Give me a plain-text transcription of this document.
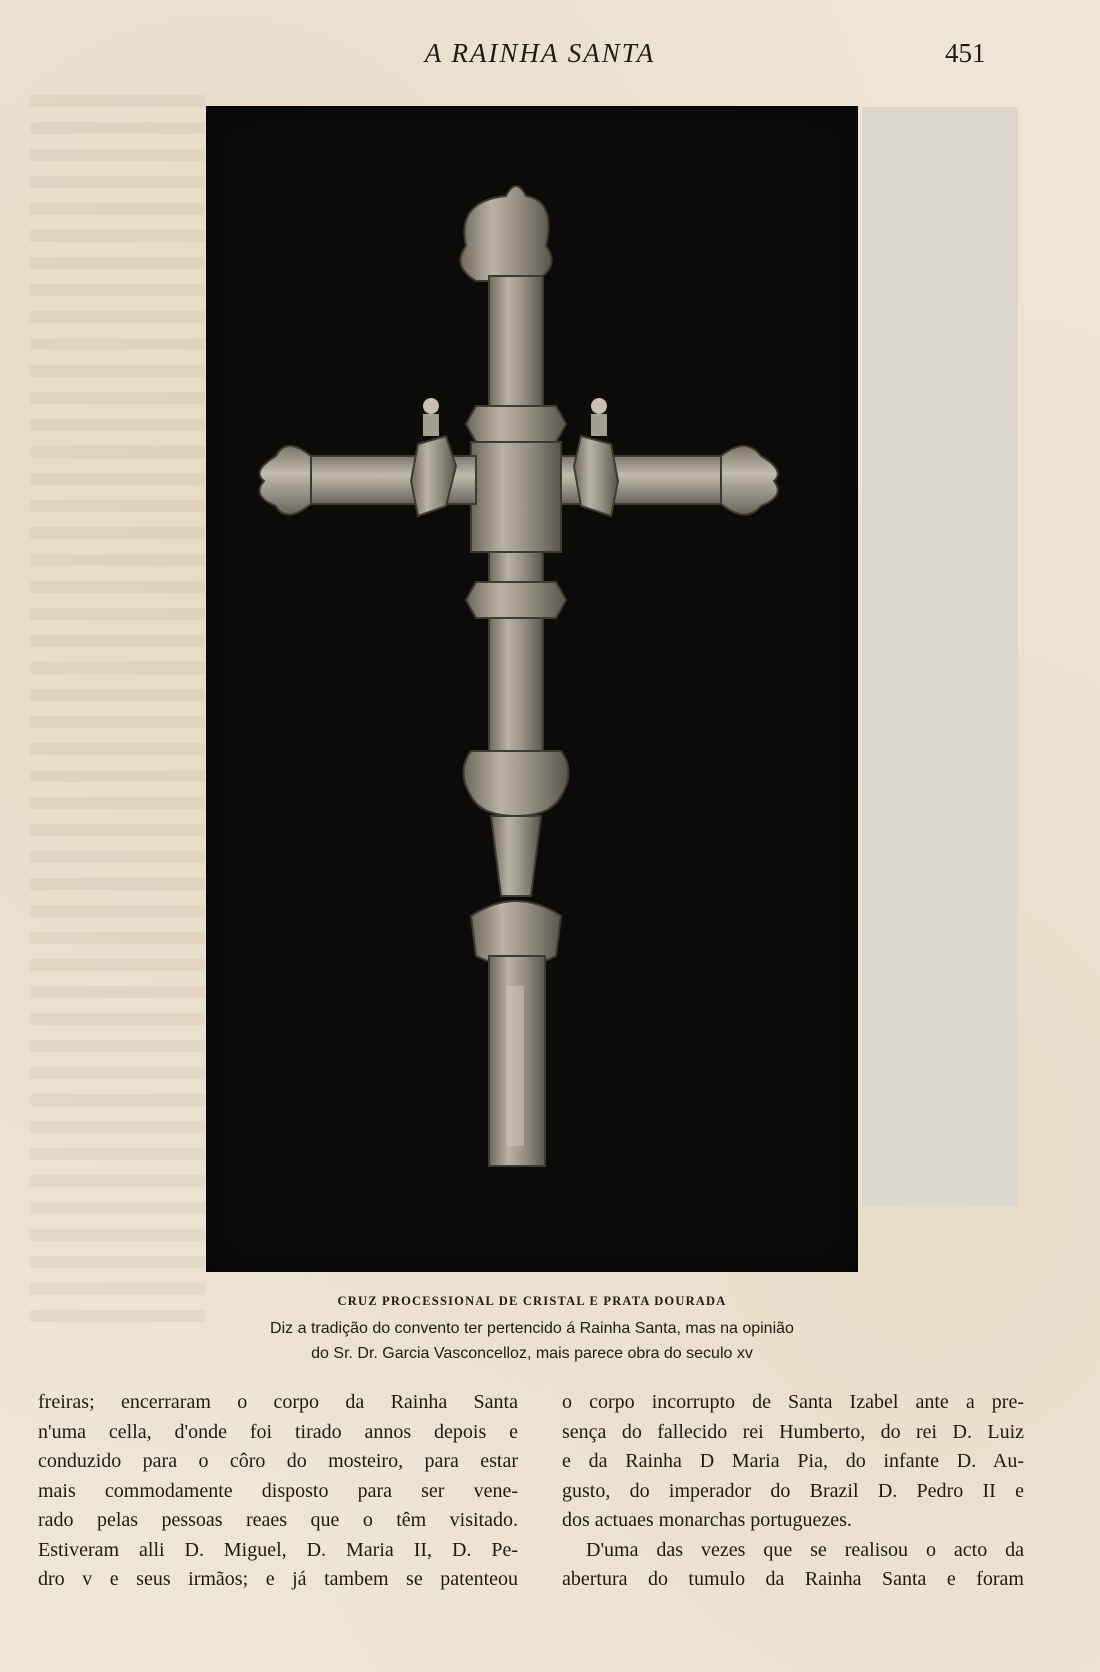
A RAINHA SANTA	451
CRUZ PROCESSIONAL DE CRISTAL E PRATA DOURADA
Diz a tradição do convento ter pertencido á Rainha Santa, mas na opinião
do Sr. Dr. Garcia Vasconcelloz, mais parece obra do seculo xv
freiras; encerraram o corpo da Rainha Santa
n'uma cella, d'onde foi tirado annos depois e
conduzido para o côro do mosteiro, para estar
mais commodamente disposto para ser vene-
rado pelas pessoas reaes que o têm visitado.
Estiveram alli D. Miguel, D. Maria II, D. Pe-
dro v e seus irmãos; e já tambem se patenteou
o corpo incorrupto de Santa Izabel ante a pre-
sença do fallecido rei Humberto, do rei D. Luiz
e da Rainha D Maria Pia, do infante D. Au-
gusto, do imperador do Brazil D. Pedro II e
dos actuaes monarchas portuguezes.
D'uma das vezes que se realisou o acto da
abertura do tumulo da Rainha Santa e foram
